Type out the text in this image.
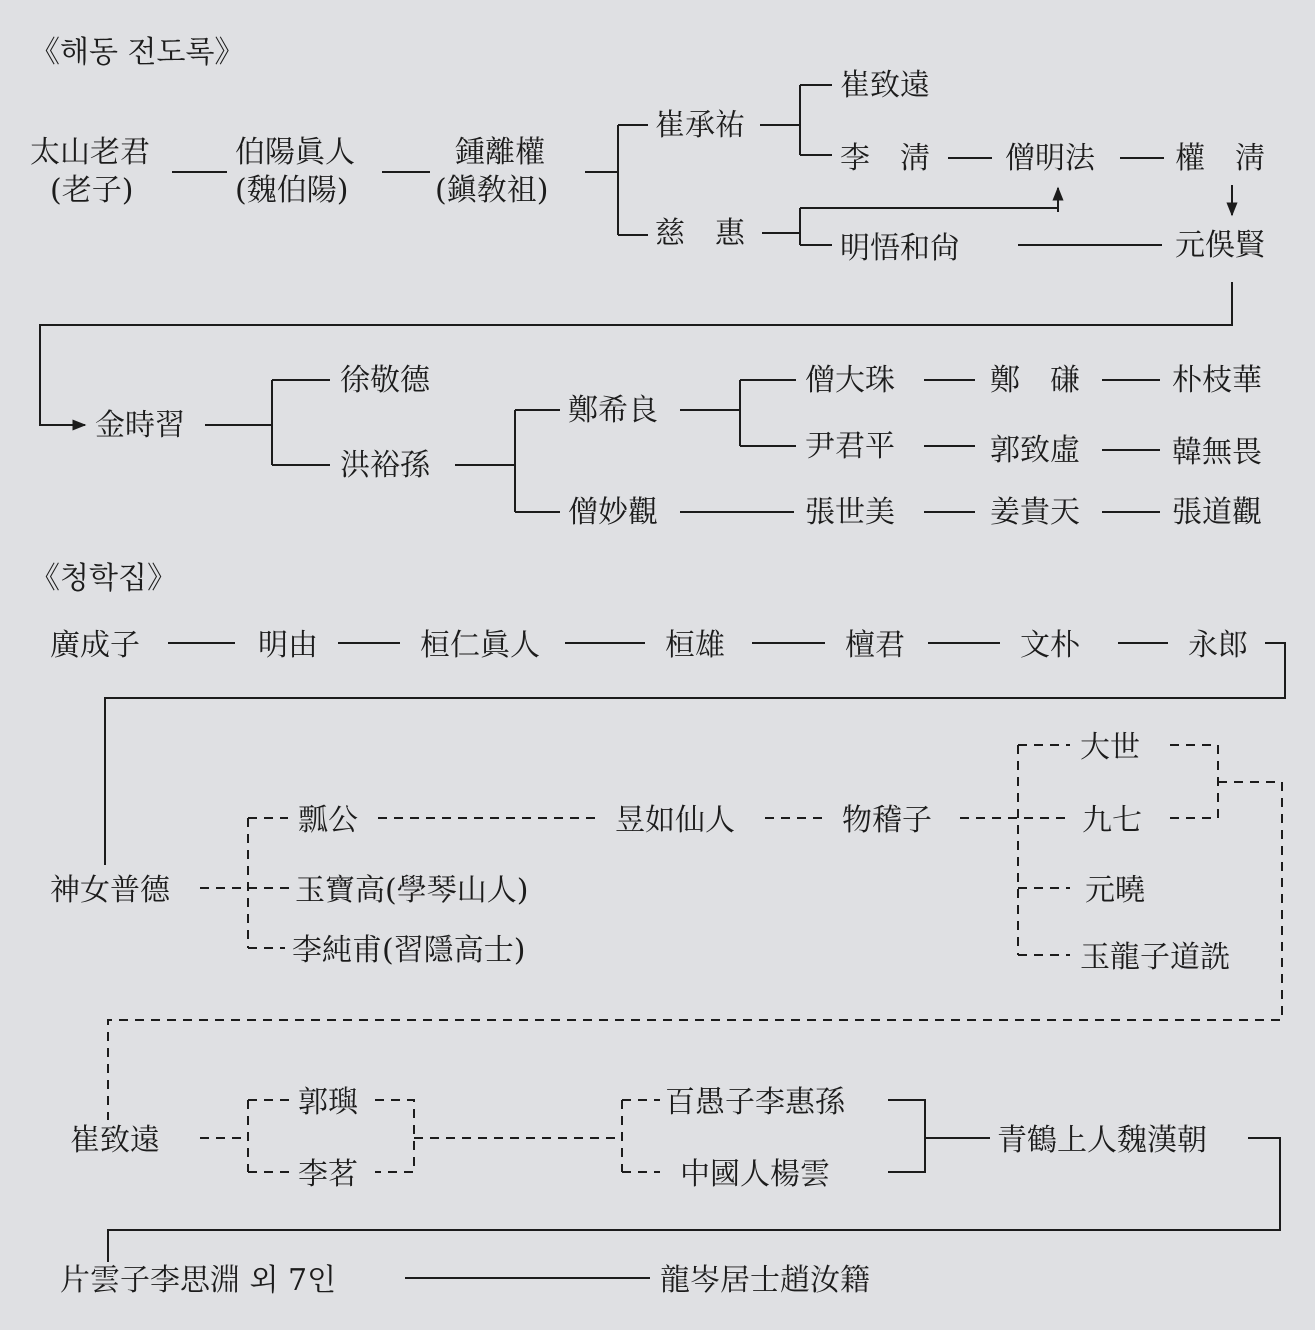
《해동 전도록》
太山老君
(老子)
伯陽眞人
(魏伯陽)
鍾離權
(鎭敎祖)
崔承祐
崔致遠
李　淸	僧明法	權　淸
慈　惠	明悟和尙	元俁賢
金時習
徐敬德
洪裕孫
鄭希良
僧妙觀
僧大珠	鄭　磏	朴枝華
尹君平	郭致虛	韓無畏
張世美	姜貴天	張道觀
《청학집》
廣成子	明由	桓仁眞人	桓雄	檀君	文朴	永郎
神女普德
瓢公
玉寶高(學琴山人)
李純甫(習隱高士)
昱如仙人	物稽子
大世
九七
元曉
玉龍子道詵
崔致遠
郭璵
李茗
百愚子李惠孫
中國人楊雲
青鶴上人魏漢朝
片雲子李思淵 외 7인	龍岑居士趙汝籍
